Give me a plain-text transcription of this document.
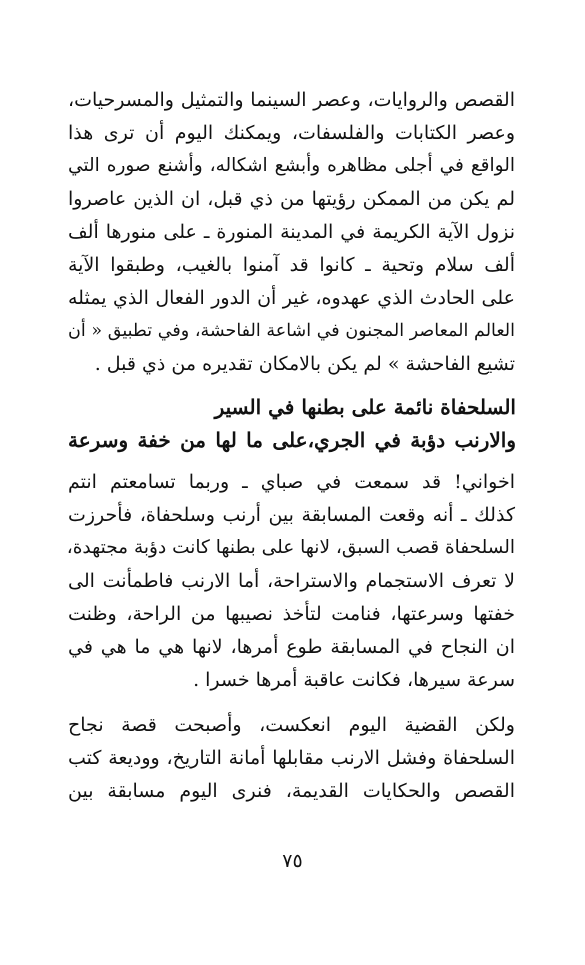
القصص والروايات، وعصر السينما والتمثيل والمسرحيات،
وعصر الكتابات والفلسفات، ويمكنك اليوم أن ترى هذا
الواقع في أجلى مظاهره وأبشع اشكاله، وأشنع صوره التي
لم يكن من الممكن رؤيتها من ذي قبل، ان الذين عاصروا
نزول الآية الكريمة في المدينة المنورة ـ على منورها ألف
ألف سلام وتحية ـ كانوا قد آمنوا بالغيب، وطبقوا الآية
على الحادث الذي عهدوه، غير أن الدور الفعال الذي يمثله
العالم المعاصر المجنون في اشاعة الفاحشة، وفي تطبيق « أن
تشيع الفاحشة » لم يكن بالامكان تقديره من ذي قبل .
السلحفاة نائمة على بطنها في السير
والارنب دؤبة في الجري،على ما لها من خفة وسرعة
اخواني! قد سمعت في صباي ـ وربما تسامعتم انتم
كذلك ـ أنه وقعت المسابقة بين أرنب وسلحفاة، فأحرزت
السلحفاة قصب السبق، لانها على بطنها كانت دؤبة مجتهدة،
لا تعرف الاستجمام والاستراحة، أما الارنب فاطمأنت الى
خفتها وسرعتها، فنامت لتأخذ نصيبها من الراحة، وظنت
ان النجاح في المسابقة طوع أمرها، لانها هي ما هي في
سرعة سيرها، فكانت عاقبة أمرها خسرا .
ولكن القضية اليوم انعكست، وأصبحت قصة نجاح
السلحفاة وفشل الارنب مقابلها أمانة التاريخ، ووديعة كتب
القصص والحكايات القديمة، فنرى اليوم مسابقة بين
٧٥
